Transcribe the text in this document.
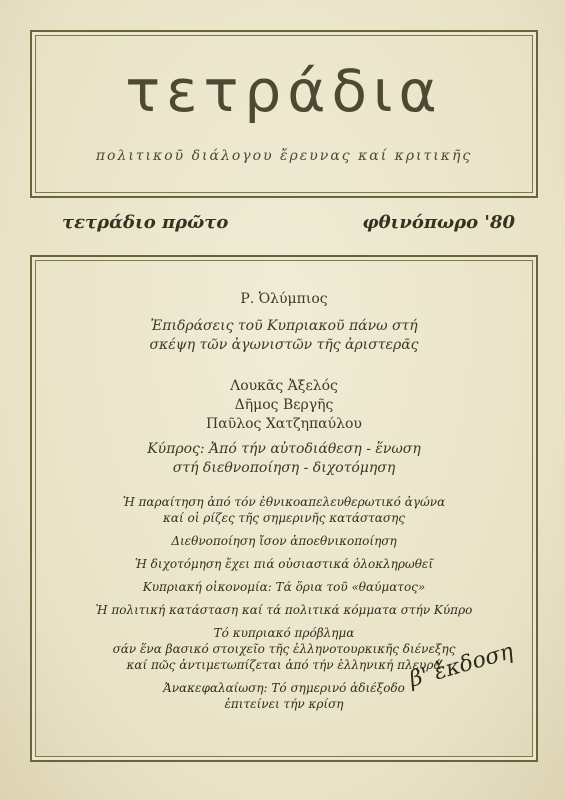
τετράδια
πολιτικοῦ διάλογου ἔρευνας καί κριτικῆς
τετράδιο πρῶτο	φθινόπωρο '80
Ρ. Ὀλύμπιος
Ἐπιδράσεις τοῦ Κυπριακοῦ πάνω στή
σκέψη τῶν ἀγωνιστῶν τῆς ἀριστερᾶς
Λουκᾶς Ἀξελός
Δῆμος Βεργῆς
Παῦλος Χατζηπαύλου
Κύπρος: Ἀπό τήν αὐτοδιάθεση - ἕνωση
στή διεθνοποίηση - διχοτόμηση
Ἡ παραίτηση ἀπό τόν ἐθνικοαπελευθερωτικό ἀγώνα
καί οἱ ρίζες τῆς σημερινῆς κατάστασης
Διεθνοποίηση ἴσον ἀποεθνικοποίηση
Ἡ διχοτόμηση ἔχει πιά οὐσιαστικά ὁλοκληρωθεῖ
Κυπριακή οἰκονομία: Τά ὅρια τοῦ «θαύματος»
Ἡ πολιτική κατάσταση καί τά πολιτικά κόμματα στήν Κύπρο
Τό κυπριακό πρόβλημα
σάν ἕνα βασικό στοιχεῖο τῆς ἑλληνοτουρκικῆς διένεξης
καί πῶς ἀντιμετωπίζεται ἀπό τήν ἑλληνική πλευρά
Ἀνακεφαλαίωση: Τό σημερινό ἀδιέξοδο
ἐπιτείνει τήν κρίση
β' ἔκδοση
